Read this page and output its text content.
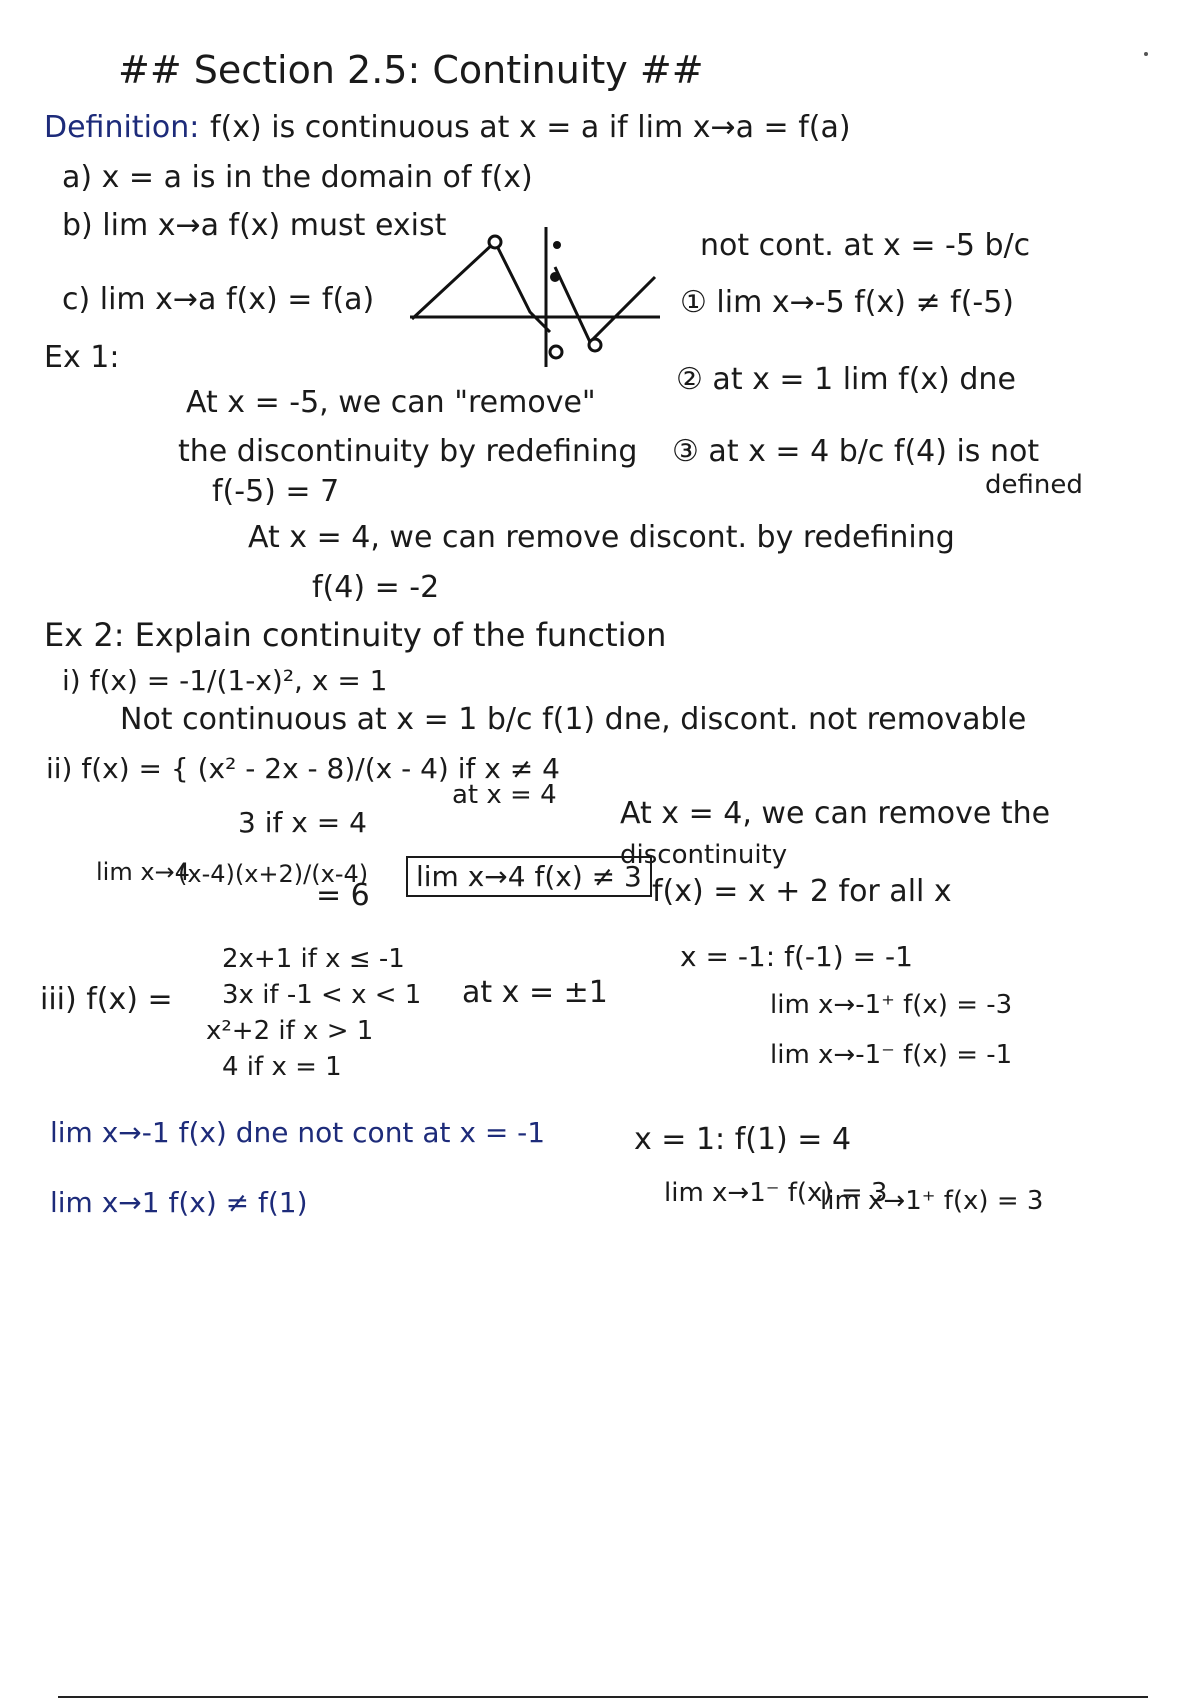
## Section 2.5: Continuity ##
Definition: f(x) is continuous at x = a if lim x→a = f(a)
a) x = a is in the domain of f(x)
b) lim x→a f(x) must exist
c) lim x→a f(x) = f(a)
Ex 1:
not cont. at x = -5 b/c
① lim x→-5 f(x) ≠ f(-5)
② at x = 1 lim f(x) dne
At x = -5, we can "remove"
the discontinuity by redefining ③ at x = 4 b/c f(4) is not
defined
f(-5) = 7
At x = 4, we can remove discont. by redefining
f(4) = -2
Ex 2: Explain continuity of the function
i) f(x) = -1/(1-x)², x = 1
Not continuous at x = 1 b/c f(1) dne, discont. not removable
ii) f(x) = { (x² - 2x - 8)/(x - 4) if x ≠ 4
at x = 4
3 if x = 4	At x = 4, we can remove the
discontinuity
f(x) = x + 2 for all x
lim x→4
(x-4)(x+2)/(x-4)
= 6
lim x→4 f(x) ≠ 3
iii) f(x) =
2x+1 if x ≤ -1
3x if -1 < x < 1
x²+2 if x > 1
4 if x = 1
at x = ±1
x = -1: f(-1) = -1
lim x→-1⁺ f(x) = -3
lim x→-1⁻ f(x) = -1
lim x→-1 f(x) dne not cont at x = -1
lim x→1 f(x) ≠ f(1)
x = 1: f(1) = 4
lim x→1⁻ f(x) = 3
lim x→1⁺ f(x) = 3
